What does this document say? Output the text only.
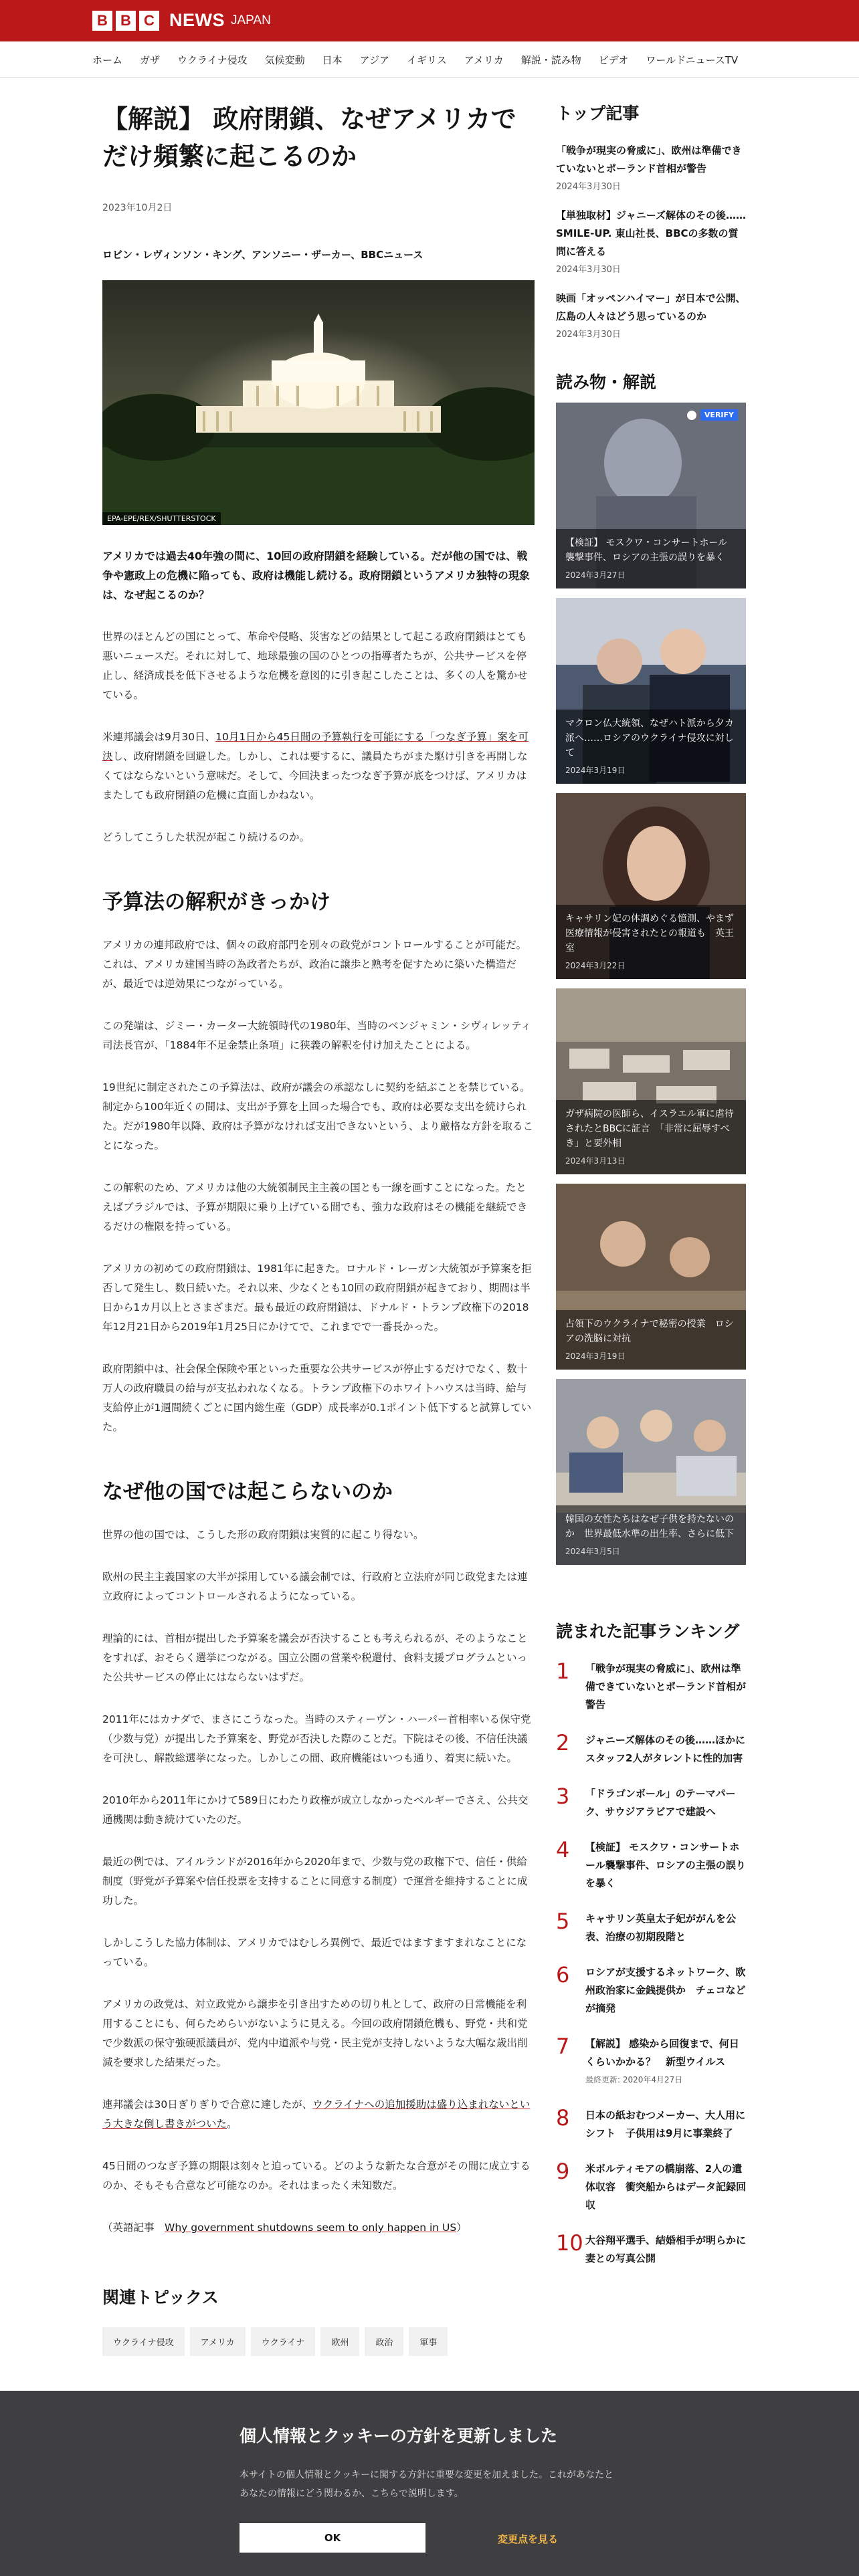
B B C NEWS JAPAN
ホーム ガザ ウクライナ侵攻 気候変動 日本 アジア イギリス アメリカ 解説・読み物 ビデオ ワールドニュースTV
【解説】 政府閉鎖、なぜアメリカでだけ頻繁に起こるのか
2023年10月2日
ロビン・レヴィンソン・キング、アンソニー・ザーカー、BBCニュース
EPA-EPE/REX/SHUTTERSTOCK

アメリカでは過去40年強の間に、10回の政府閉鎖を経験している。だが他の国では、戦争や憲政上の危機に陥っても、政府は機能し続ける。政府閉鎖というアメリカ独特の現象は、なぜ起こるのか？

世界のほとんどの国にとって、革命や侵略、災害などの結果として起こる政府閉鎖はとても悪いニュースだ。それに対して、地球最強の国のひとつの指導者たちが、公共サービスを停止し、経済成長を低下させるような危機を意図的に引き起こしたことは、多くの人を驚かせている。

米連邦議会は9月30日、10月1日から45日間の予算執行を可能にする「つなぎ予算」案を可決し、政府閉鎖を回避した。しかし、これは要するに、議員たちがまた駆け引きを再開しなくてはならないという意味だ。そして、今回決まったつなぎ予算が底をつけば、アメリカはまたしても政府閉鎖の危機に直面しかねない。

どうしてこうした状況が起こり続けるのか。

予算法の解釈がきっかけ

アメリカの連邦政府では、個々の政府部門を別々の政党がコントロールすることが可能だ。これは、アメリカ建国当時の為政者たちが、政治に譲歩と熟考を促すために築いた構造だが、最近では逆効果につながっている。

この発端は、ジミー・カーター大統領時代の1980年、当時のベンジャミン・シヴィレッティ司法長官が、「1884年不足金禁止条項」に狭義の解釈を付け加えたことによる。

19世紀に制定されたこの予算法は、政府が議会の承認なしに契約を結ぶことを禁じている。制定から100年近くの間は、支出が予算を上回った場合でも、政府は必要な支出を続けられた。だが1980年以降、政府は予算がなければ支出できないという、より厳格な方針を取ることになった。

この解釈のため、アメリカは他の大統領制民主主義の国とも一線を画すことになった。たとえばブラジルでは、予算が期限に乗り上げている間でも、強力な政府はその機能を継続できるだけの権限を持っている。

アメリカの初めての政府閉鎖は、1981年に起きた。ロナルド・レーガン大統領が予算案を拒否して発生し、数日続いた。それ以来、少なくとも10回の政府閉鎖が起きており、期間は半日から1カ月以上とさまざまだ。最も最近の政府閉鎖は、ドナルド・トランプ政権下の2018年12月21日から2019年1月25日にかけてで、これまでで一番長かった。

政府閉鎖中は、社会保全保険や軍といった重要な公共サービスが停止するだけでなく、数十万人の政府職員の給与が支払われなくなる。トランプ政権下のホワイトハウスは当時、給与支給停止が1週間続くごとに国内総生産（GDP）成長率が0.1ポイント低下すると試算していた。

なぜ他の国では起こらないのか

世界の他の国では、こうした形の政府閉鎖は実質的に起こり得ない。

欧州の民主主義国家の大半が採用している議会制では、行政府と立法府が同じ政党または連立政府によってコントロールされるようになっている。

理論的には、首相が提出した予算案を議会が否決することも考えられるが、そのようなことをすれば、おそらく選挙につながる。国立公園の営業や税還付、食料支援プログラムといった公共サービスの停止にはならないはずだ。

2011年にはカナダで、まさにこうなった。当時のスティーヴン・ハーパー首相率いる保守党（少数与党）が提出した予算案を、野党が否決した際のことだ。下院はその後、不信任決議を可決し、解散総選挙になった。しかしこの間、政府機能はいつも通り、着実に続いた。

2010年から2011年にかけて589日にわたり政権が成立しなかったベルギーでさえ、公共交通機関は動き続けていたのだ。

最近の例では、アイルランドが2016年から2020年まで、少数与党の政権下で、信任・供給制度（野党が予算案や信任投票を支持することに同意する制度）で運営を維持することに成功した。

しかしこうした協力体制は、アメリカではむしろ異例で、最近ではますますまれなことになっている。

アメリカの政党は、対立政党から譲歩を引き出すための切り札として、政府の日常機能を利用することにも、何らためらいがないように見える。今回の政府閉鎖危機も、野党・共和党で少数派の保守強硬派議員が、党内中道派や与党・民主党が支持しないような大幅な歳出削減を要求した結果だった。

連邦議会は30日ぎりぎりで合意に達したが、ウクライナへの追加援助は盛り込まれないという大きな倒し書きがついた。

45日間のつなぎ予算の期限は刻々と迫っている。どのような新たな合意がその間に成立するのか、そもそも合意など可能なのか。それはまったく未知数だ。

（英語記事　Why government shutdowns seem to only happen in US）

関連トピックス
ウクライナ侵攻	アメリカ	ウクライナ	欧州	政治	軍事
トップ記事
「戦争が現実の脅威に」、欧州は準備できていないとポーランド首相が警告
2024年3月30日
【単独取材】ジャニーズ解体のその後……SMILE-UP. 東山社長、BBCの多数の質問に答える
2024年3月30日
映画「オッペンハイマー」が日本で公開、広島の人々はどう思っているのか
2024年3月30日
読み物・解説
VERIFY
【検証】 モスクワ・コンサートホール襲撃事件、ロシアの主張の誤りを暴く
2024年3月27日
マクロン仏大統領、なぜハト派から夕カ派へ……ロシアのウクライナ侵攻に対して
2024年3月19日
キャサリン妃の体調めぐる憶測、やまず　医療情報が侵害されたとの報道も　英王室
2024年3月22日
ガザ病院の医師ら、イスラエル軍に虐待されたとBBCに証言　「非常に屈辱すべき」と要外相
2024年3月13日
占領下のウクライナで秘密の授業　ロシアの洗脳に対抗
2024年3月19日
韓国の女性たちはなぜ子供を持たないのか　世界最低水準の出生率、さらに低下
2024年3月5日
読まれた記事ランキング
1	「戦争が現実の脅威に」、欧州は準備できていないとポーランド首相が警告
2	ジャニーズ解体のその後……ほかにスタッフ2人がタレントに性的加害
3	「ドラゴンボール」のテーマパーク、サウジアラビアで建設へ
4	【検証】 モスクワ・コンサートホール襲撃事件、ロシアの主張の誤りを暴く
5	キャサリン英皇太子妃ががんを公表、治療の初期段階と
6	ロシアが支援するネットワーク、欧州政治家に金銭提供か　チェコなどが摘発
7	【解説】 感染から回復まで、何日くらいかかる？　新型ウイルス
最終更新: 2020年4月27日
8	日本の紙おむつメーカー、大人用にシフト　子供用は9月に事業終了
9	米ボルティモアの橋崩落、2人の遺体収容　衝突船からはデータ記録回収
10 大谷翔平選手、結婚相手が明らかに　妻との写真公開
個人情報とクッキーの方針を更新しました

本サイトの個人情報とクッキーに関する方針に重要な変更を加えました。これがあなたとあなたの情報にどう関わるか、こちらで説明します。

OK	変更点を見る
